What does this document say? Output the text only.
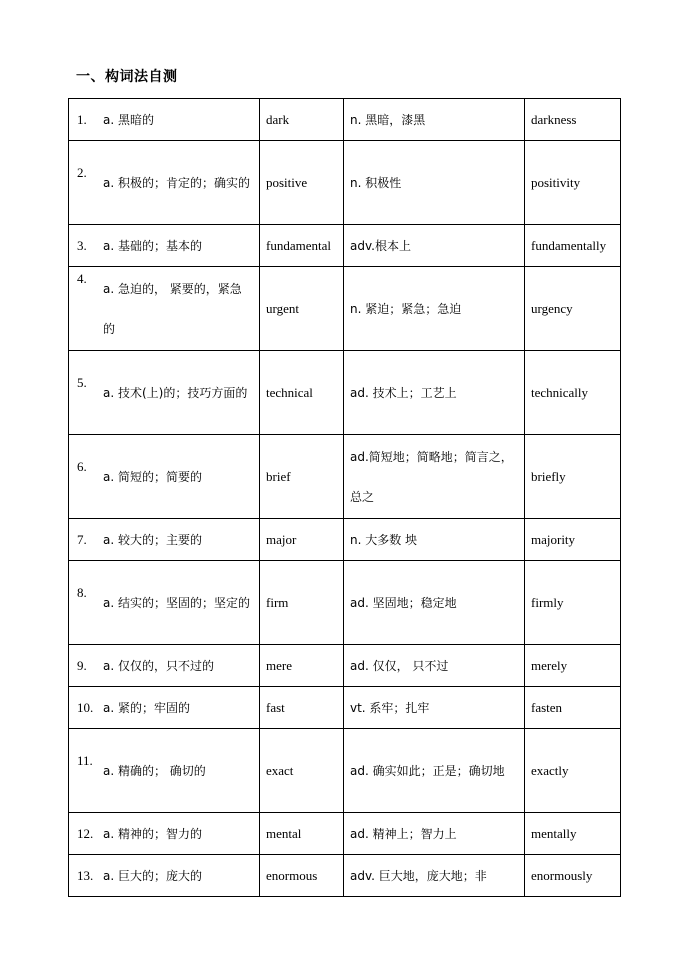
一、构词法自测
1. a. 黑暗的	dark	n. 黑暗，漆黑	darkness

2.
a. 积极的；肯定的；确实的	positive	n. 积极性	positivity

3. a. 基础的；基本的	fundamental	adv.根本上	fundamentally

4.
a. 急迫的， 紧要的，紧急的	urgent	n. 紧迫；紧急；急迫	urgency

5.
a. 技术(上)的；技巧方面的	technical	ad. 技术上；工艺上	technically

6.
a. 简短的；简要的	brief	ad.简短地；简略地；简言之，总之	briefly

7. a. 较大的；主要的	major	n. 大多数 坱	majority

8.
a. 结实的；坚固的；坚定的	firm	ad. 坚固地；稳定地	firmly

9. a. 仅仅的，只不过的	mere	ad. 仅仅， 只不过	merely

10. a. 紧的；牢固的	fast	vt. 系牢；扎牢	fasten

11.
a. 精确的； 确切的	exact	ad. 确实如此；正是；确切地	exactly

12. a. 精神的；智力的	mental	ad. 精神上；智力上	mentally

13. a. 巨大的；庞大的	enormous	adv. 巨大地，庞大地；非	enormously
